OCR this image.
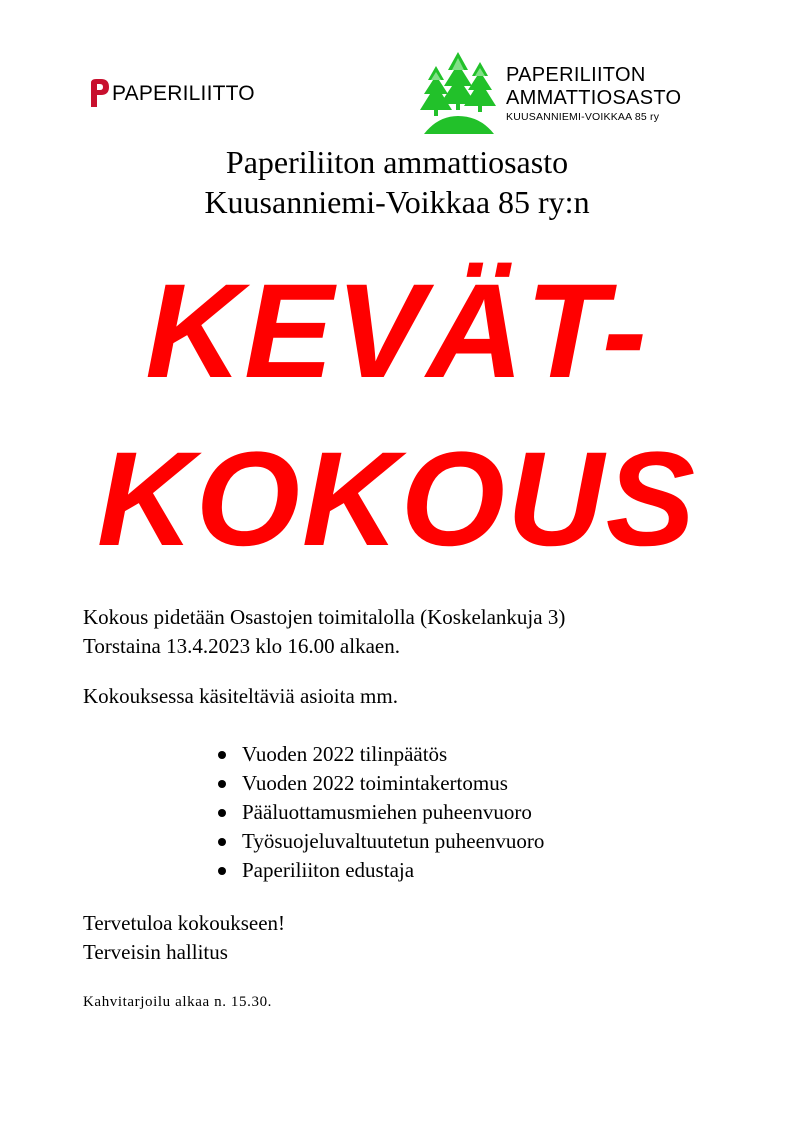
PAPERILIITTO
PAPERILIITON
AMMATTIOSASTO
KUUSANNIEMI-VOIKKAA 85 ry
Paperiliiton ammattiosasto
Kuusanniemi-Voikkaa 85 ry:n
KEVÄT-
KOKOUS
Kokous pidetään Osastojen toimitalolla (Koskelankuja 3)
Torstaina 13.4.2023 klo 16.00 alkaen.
Kokouksessa käsiteltäviä asioita mm.
Vuoden 2022 tilinpäätös
Vuoden 2022 toimintakertomus
Pääluottamusmiehen puheenvuoro
Työsuojeluvaltuutetun puheenvuoro
Paperiliiton edustaja
Tervetuloa kokoukseen!
Terveisin hallitus
Kahvitarjoilu alkaa n. 15.30.
